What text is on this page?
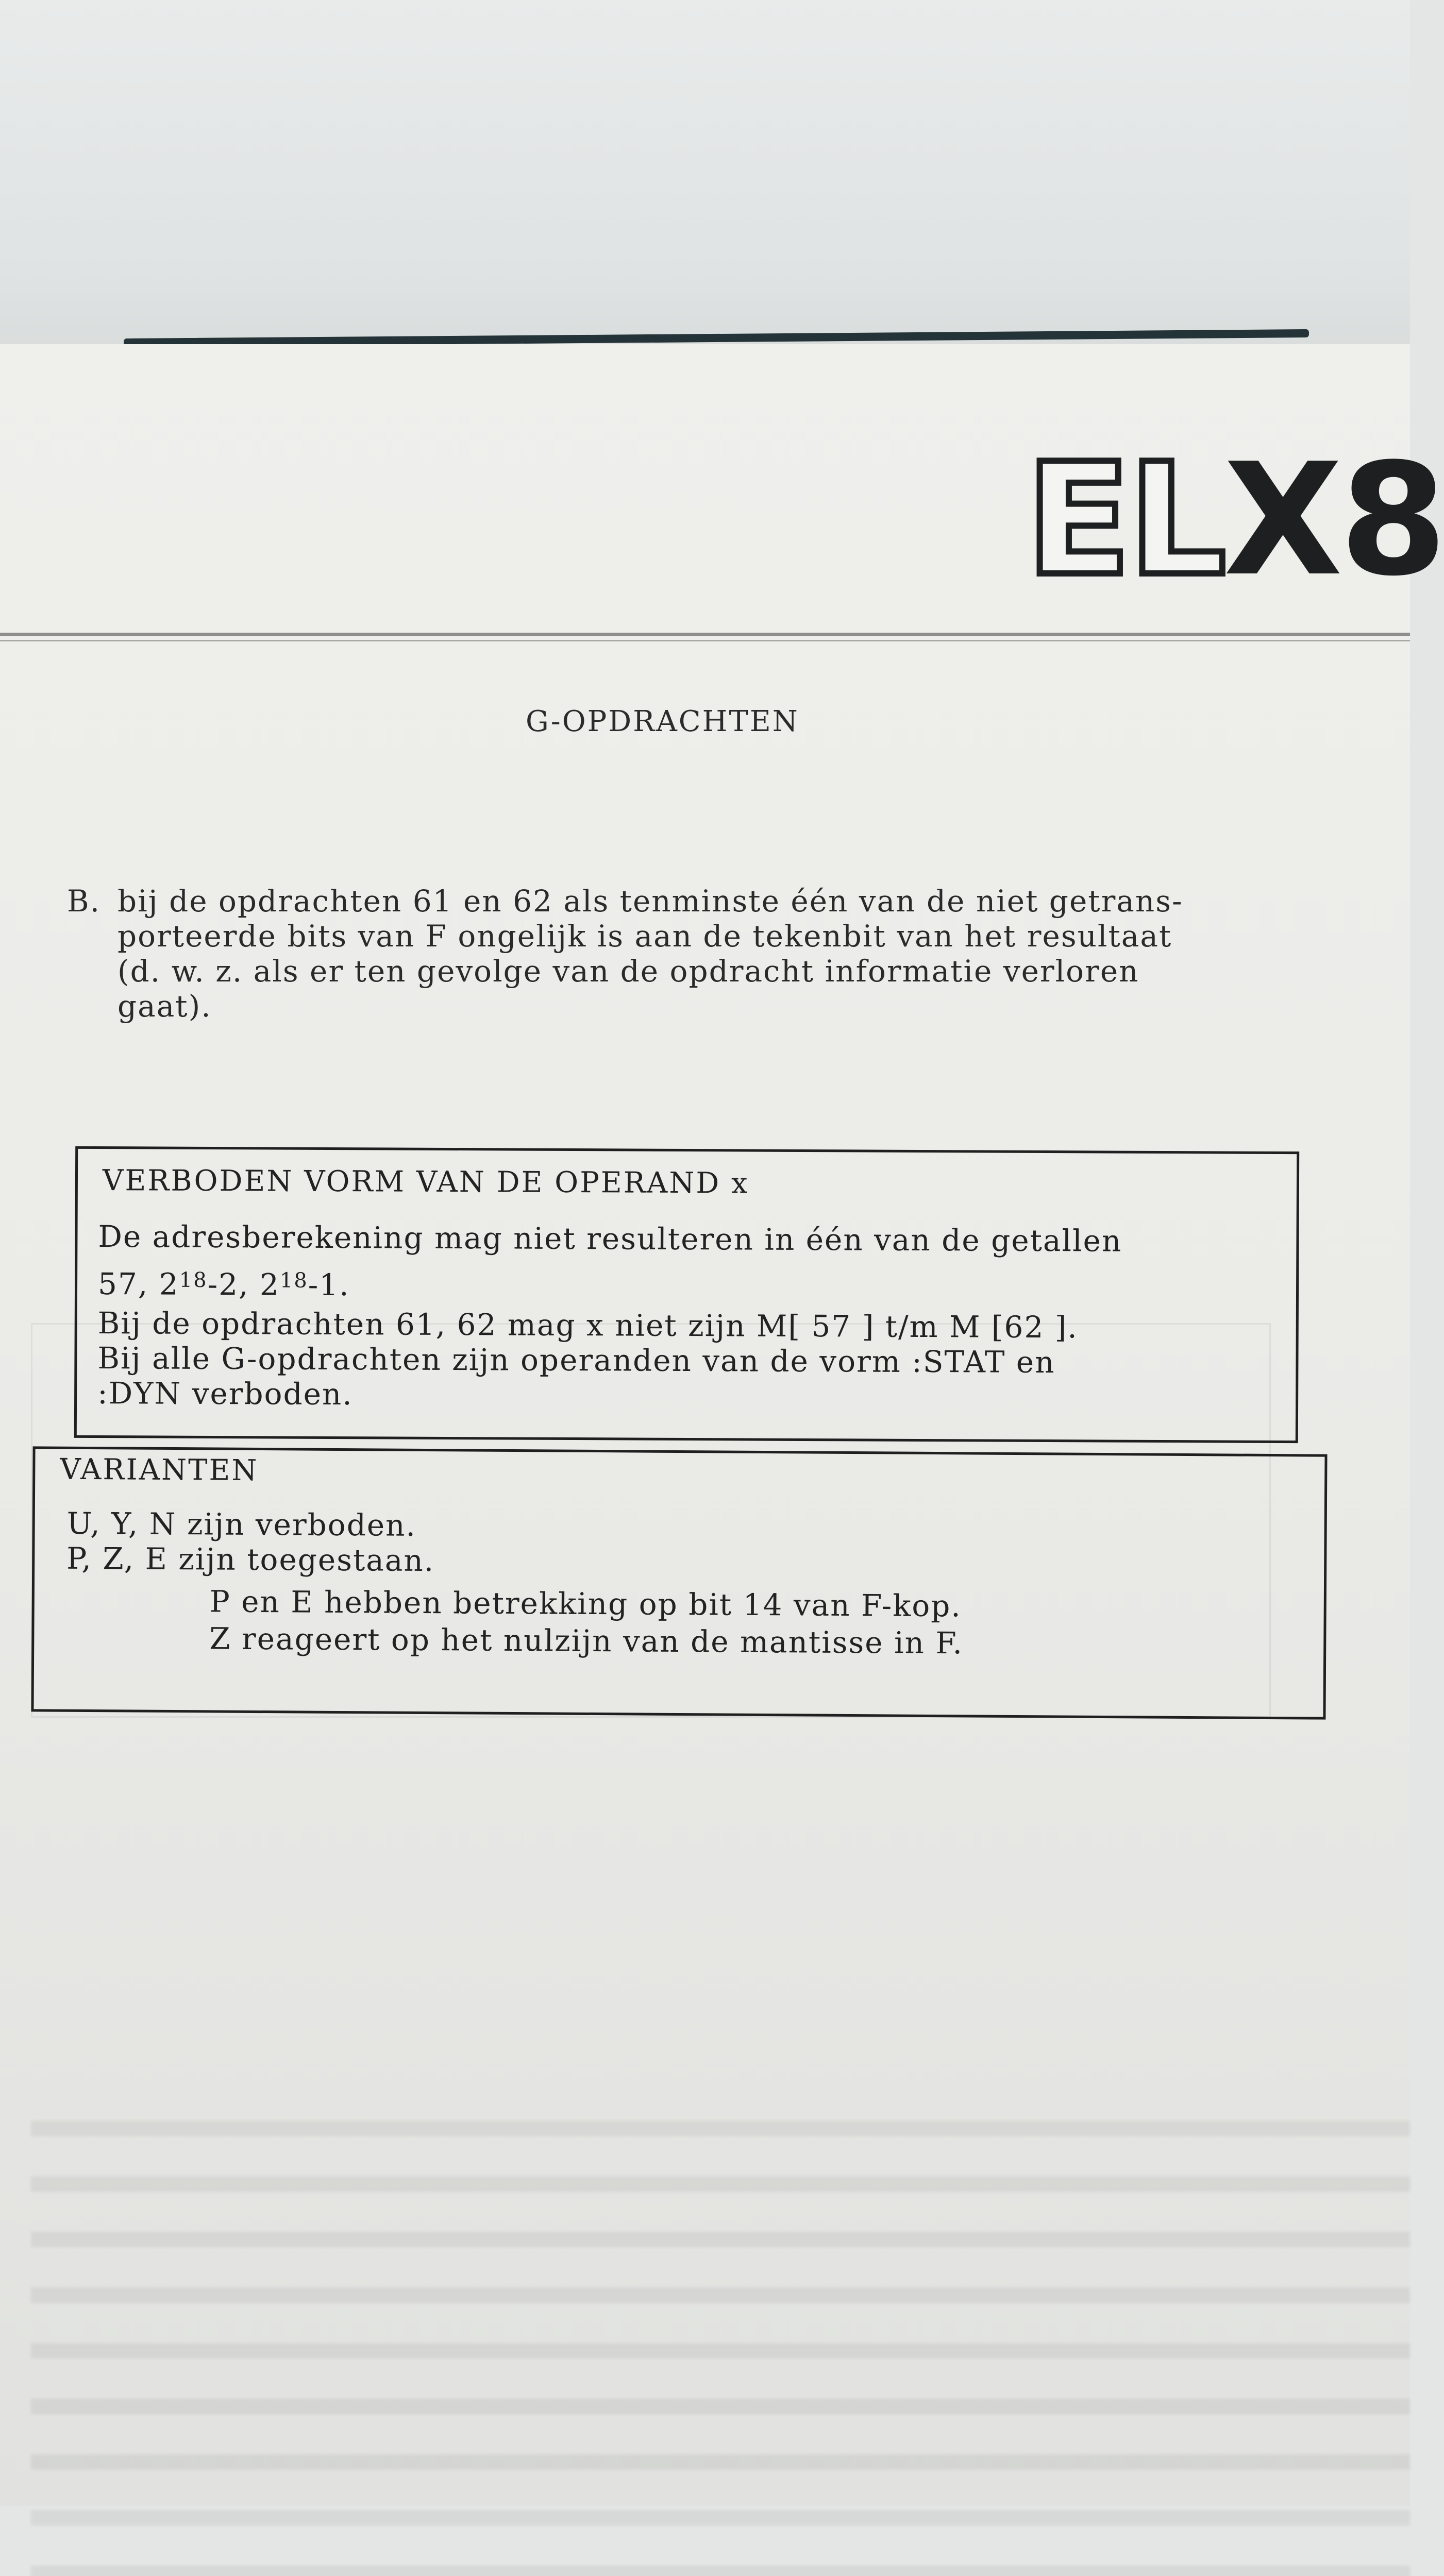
ELX8
G-OPDRACHTEN
B. bij de opdrachten 61 en 62 als tenminste één van de niet getrans-
porteerde bits van F ongelijk is aan de tekenbit van het resultaat
(d. w. z. als er ten gevolge van de opdracht informatie verloren
gaat).
VERBODEN VORM VAN DE OPERAND x
De adresberekening mag niet resulteren in één van de getallen
57, $2^{18}-2$, $2^{18}-1$.
Bij de opdrachten 61, 62 mag x niet zijn M[ 57 ] t/m M [62 ].
Bij alle G-opdrachten zijn operanden van de vorm :STAT en
:DYN verboden.
VARIANTEN
U, Y, N zijn verboden.
P, Z, E zijn toegestaan.
P en E hebben betrekking op bit 14 van F-kop.
Z reageert op het nulzijn van de mantisse in F.
